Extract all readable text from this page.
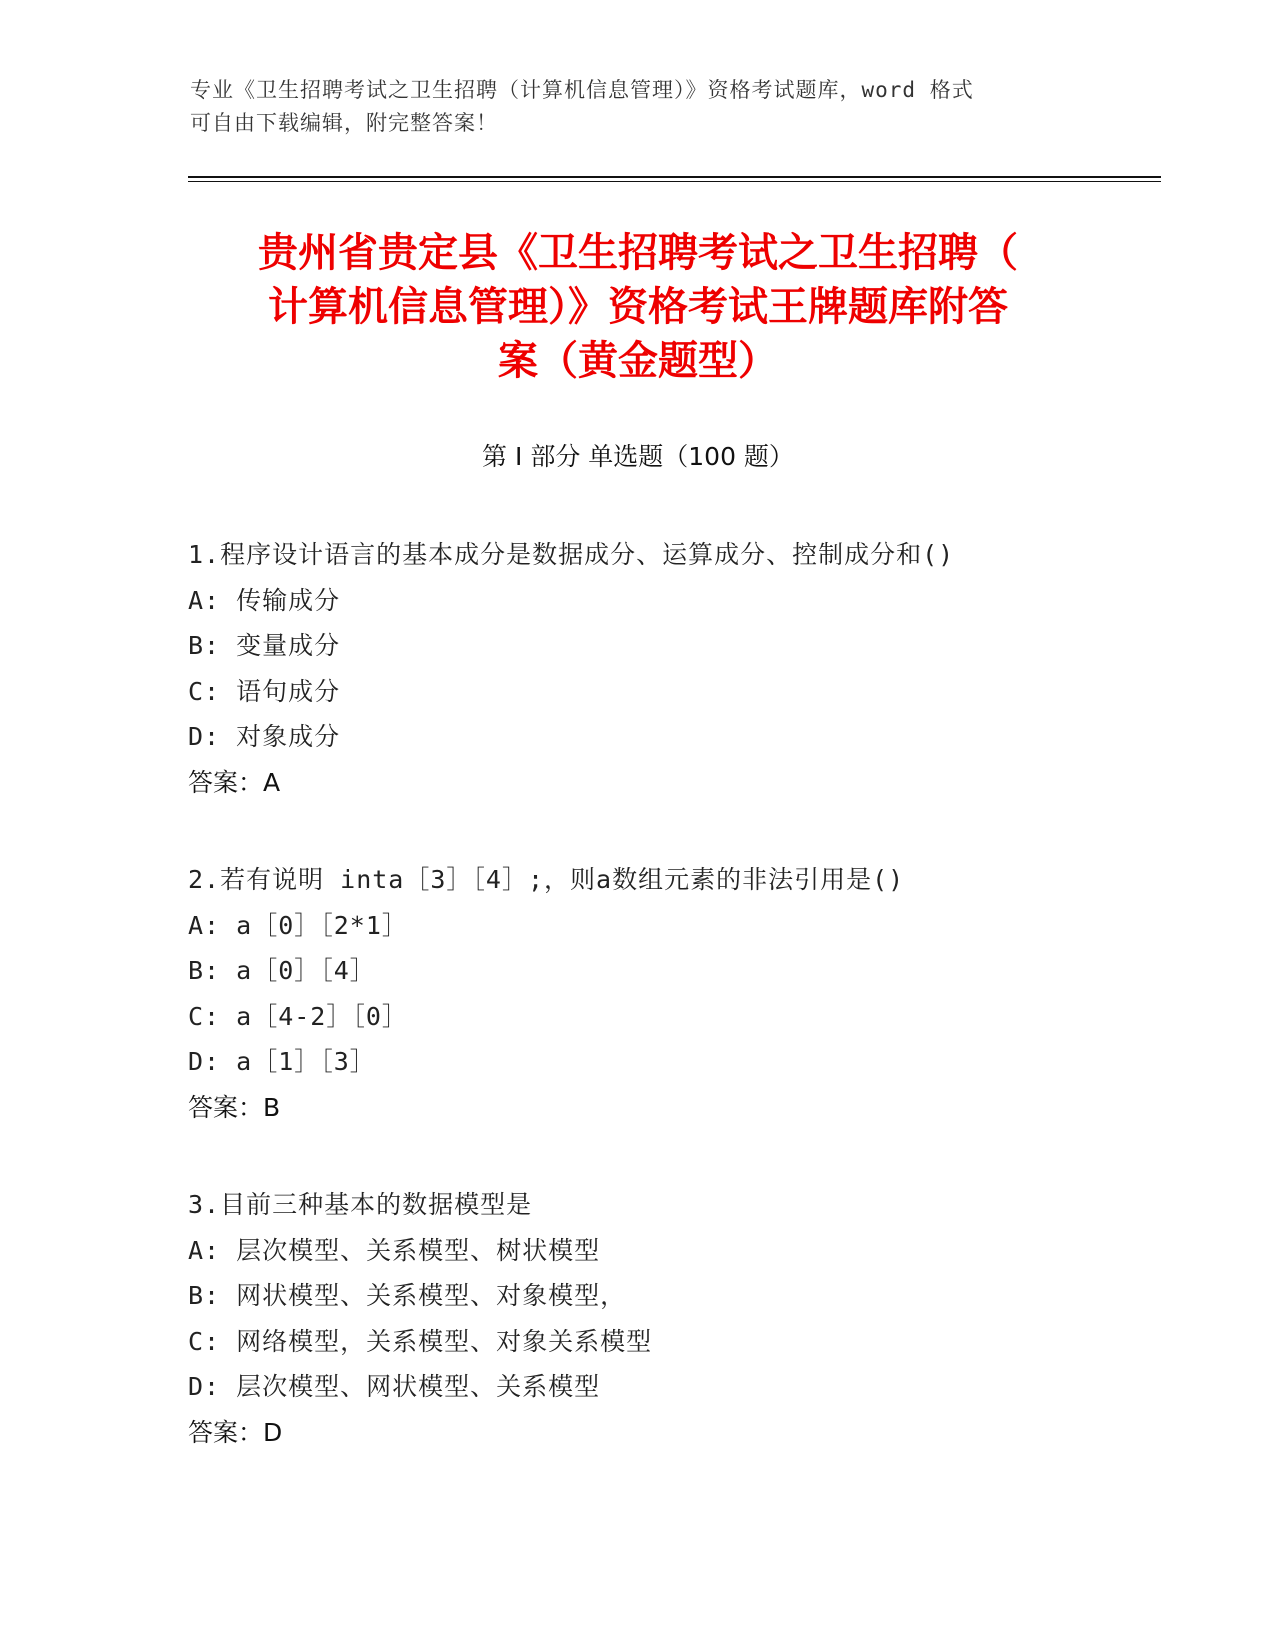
专业《卫生招聘考试之卫生招聘（计算机信息管理）》资格考试题库，word 格式
可自由下载编辑，附完整答案！
贵州省贵定县《卫生招聘考试之卫生招聘（
计算机信息管理）》资格考试王牌题库附答
案（黄金题型）
第 I 部分 单选题（100 题）
1.程序设计语言的基本成分是数据成分、运算成分、控制成分和()
A: 传输成分
B: 变量成分
C: 语句成分
D: 对象成分
答案：A
2.若有说明 inta［3］［4］;，则a数组元素的非法引用是()
A: a［0］［2*1］
B: a［0］［4］
C: a［4-2］［0］
D: a［1］［3］
答案：B
3.目前三种基本的数据模型是
A: 层次模型、关系模型、树状模型
B: 网状模型、关系模型、对象模型，
C: 网络模型，关系模型、对象关系模型
D: 层次模型、网状模型、关系模型
答案：D
